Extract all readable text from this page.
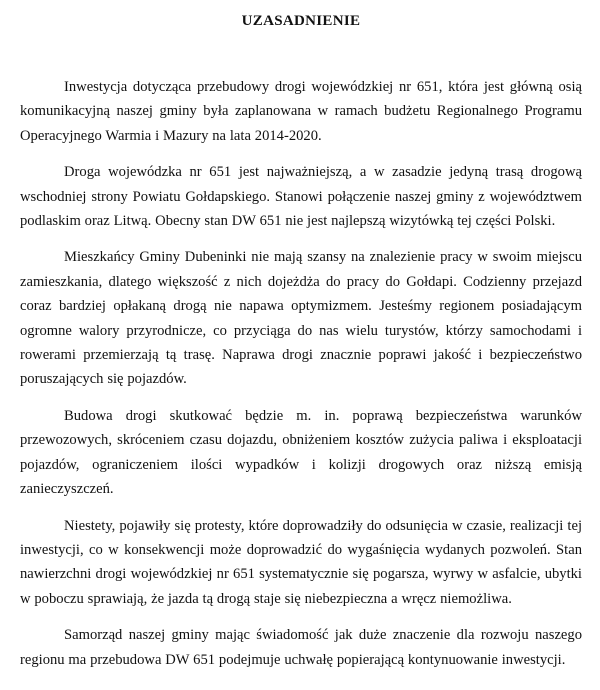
UZASADNIENIE

Inwestycja dotycząca przebudowy drogi wojewódzkiej nr 651, która jest główną osią komunikacyjną naszej gminy była zaplanowana w ramach budżetu Regionalnego Programu Operacyjnego Warmia i Mazury na lata 2014-2020.

Droga wojewódzka nr 651 jest najważniejszą, a w zasadzie jedyną trasą drogową wschodniej strony Powiatu Gołdapskiego. Stanowi połączenie naszej gminy z województwem podlaskim oraz Litwą. Obecny stan DW 651 nie jest najlepszą wizytówką tej części Polski.

Mieszkańcy Gminy Dubeninki nie mają szansy na znalezienie pracy w swoim miejscu zamieszkania, dlatego większość z nich dojeżdża do pracy do Gołdapi. Codzienny przejazd coraz bardziej opłakaną drogą nie napawa optymizmem. Jesteśmy regionem posiadającym ogromne walory przyrodnicze, co przyciąga do nas wielu turystów, którzy samochodami i rowerami przemierzają tą trasę. Naprawa drogi znacznie poprawi jakość i bezpieczeństwo poruszających się pojazdów.

Budowa drogi skutkować będzie m. in. poprawą bezpieczeństwa warunków przewozowych, skróceniem czasu dojazdu, obniżeniem kosztów zużycia paliwa i eksploatacji pojazdów, ograniczeniem ilości wypadków i kolizji drogowych oraz niższą emisją zanieczyszczeń.

Niestety, pojawiły się protesty, które doprowadziły do odsunięcia w czasie, realizacji tej inwestycji, co w konsekwencji może doprowadzić do wygaśnięcia wydanych pozwoleń. Stan nawierzchni drogi wojewódzkiej nr 651 systematycznie się pogarsza, wyrwy w asfalcie, ubytki w poboczu sprawiają, że jazda tą drogą staje się niebezpieczna a wręcz niemożliwa.

Samorząd naszej gminy mając świadomość jak duże znaczenie dla rozwoju naszego regionu ma przebudowa DW 651 podejmuje uchwałę popierającą kontynuowanie inwestycji.
